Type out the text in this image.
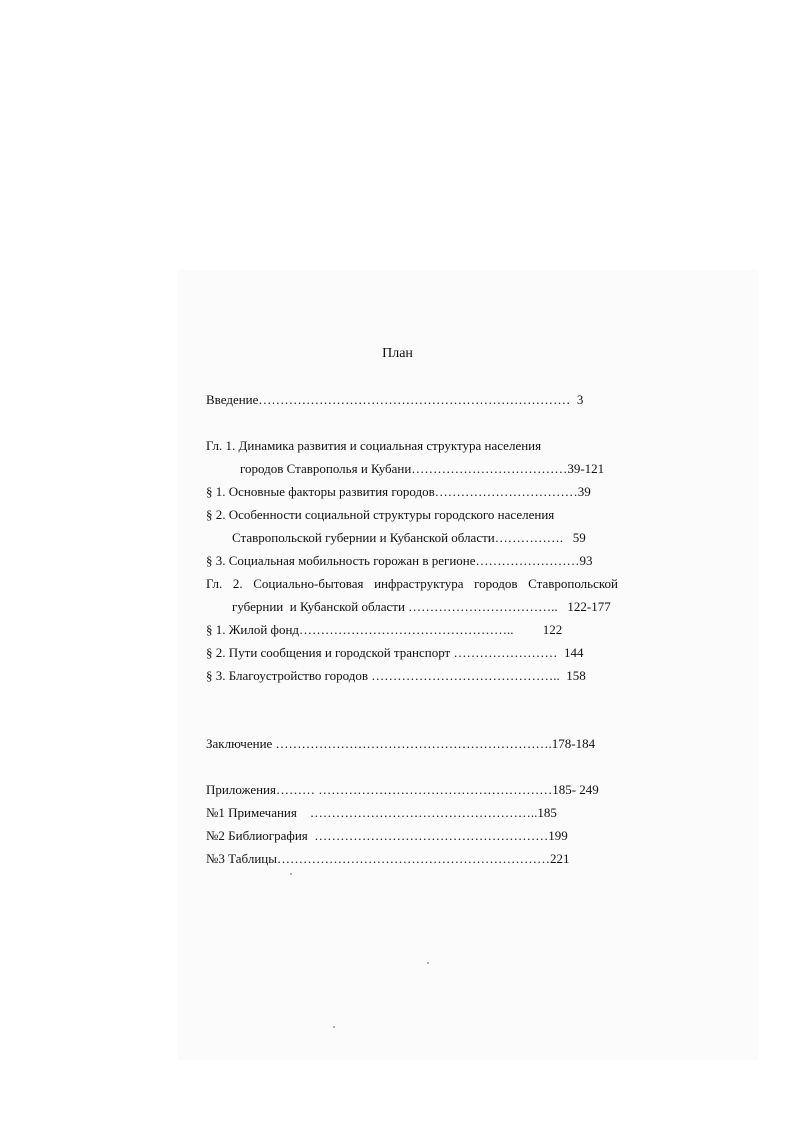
План
Введение………………………………………………………………  3
Гл. 1. Динамика развития и социальная структура населения
городов Ставрополья и Кубани………………………………39-121
§ 1. Основные факторы развития городов……………………………39
§ 2. Особенности социальной структуры городского населения
Ставропольской губернии и Кубанской области…………….   59
§ 3. Социальная мобильность горожан в регионе……………………93
Гл. 2. Социально-бытовая инфраструктура городов Ставропольской
губернии  и Кубанской области ……………………………..   122-177
§ 1. Жилой фонд…………………………………………..         122
§ 2. Пути сообщения и городской транспорт ……………………  144
§ 3. Благоустройство городов ……………………………………..  158
Заключение ……………………………………………………….178-184
Приложения……… ………………………………………………185- 249
№1 Примечания    ……………………………………………..185
№2 Библиография  ………………………………………………199
№3 Таблицы………………………………………………………221
